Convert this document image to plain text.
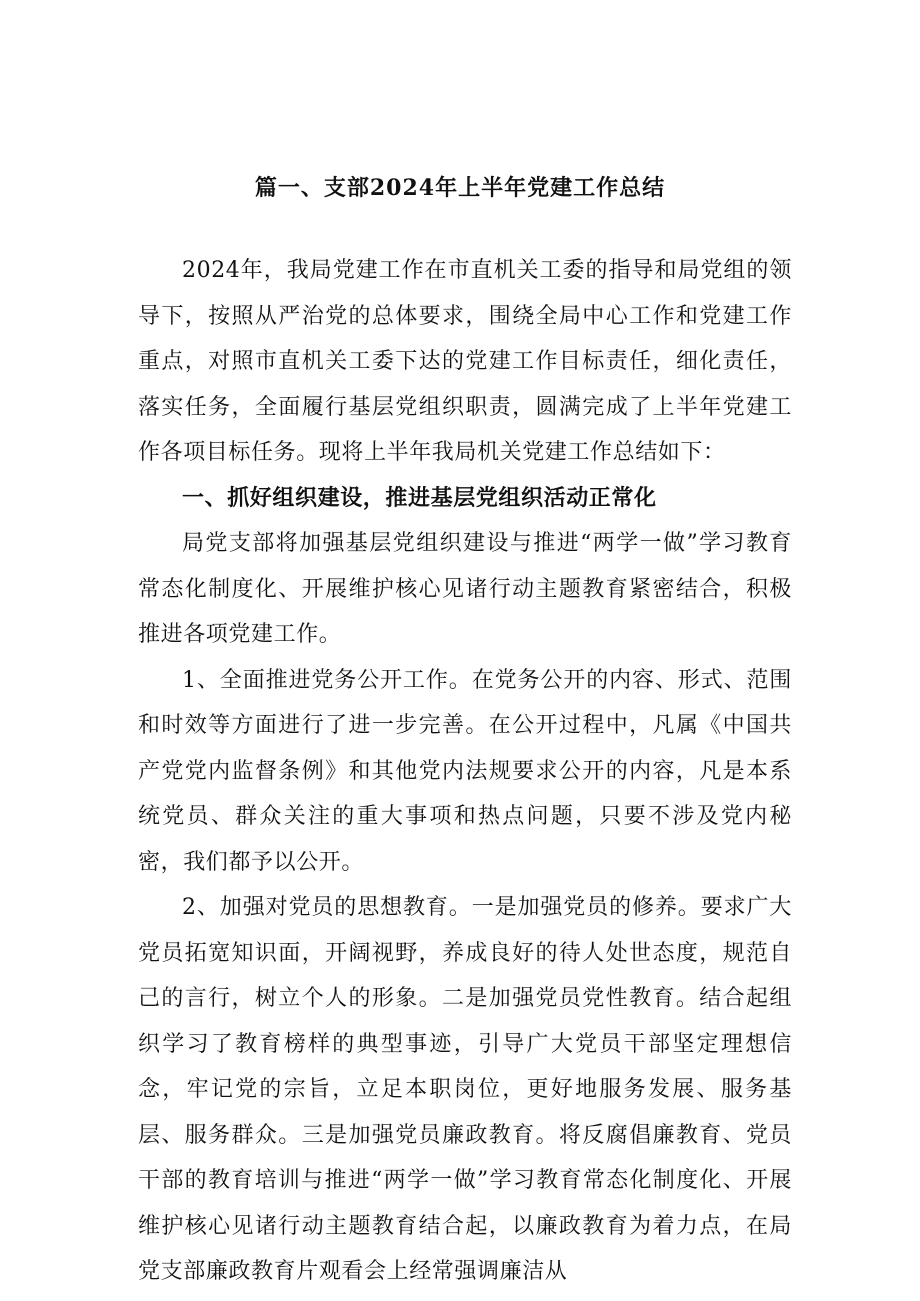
篇一、支部2024年上半年党建工作总结

2024年，我局党建工作在市直机关工委的指导和局党组的领导下，按照从严治党的总体要求，围绕全局中心工作和党建工作重点，对照市直机关工委下达的党建工作目标责任，细化责任，落实任务，全面履行基层党组织职责，圆满完成了上半年党建工作各项目标任务。现将上半年我局机关党建工作总结如下：

一、抓好组织建设，推进基层党组织活动正常化

局党支部将加强基层党组织建设与推进“两学一做”学习教育常态化制度化、开展维护核心见诸行动主题教育紧密结合，积极推进各项党建工作。

1、全面推进党务公开工作。在党务公开的内容、形式、范围和时效等方面进行了进一步完善。在公开过程中，凡属《中国共产党党内监督条例》和其他党内法规要求公开的内容，凡是本系统党员、群众关注的重大事项和热点问题，只要不涉及党内秘密，我们都予以公开。

2、加强对党员的思想教育。一是加强党员的修养。要求广大党员拓宽知识面，开阔视野，养成良好的待人处世态度，规范自己的言行，树立个人的形象。二是加强党员党性教育。结合起组织学习了教育榜样的典型事迹，引导广大党员干部坚定理想信念，牢记党的宗旨，立足本职岗位，更好地服务发展、服务基层、服务群众。三是加强党员廉政教育。将反腐倡廉教育、党员干部的教育培训与推进“两学一做”学习教育常态化制度化、开展维护核心见诸行动主题教育结合起，以廉政教育为着力点，在局党支部廉政教育片观看会上经常强调廉洁从
